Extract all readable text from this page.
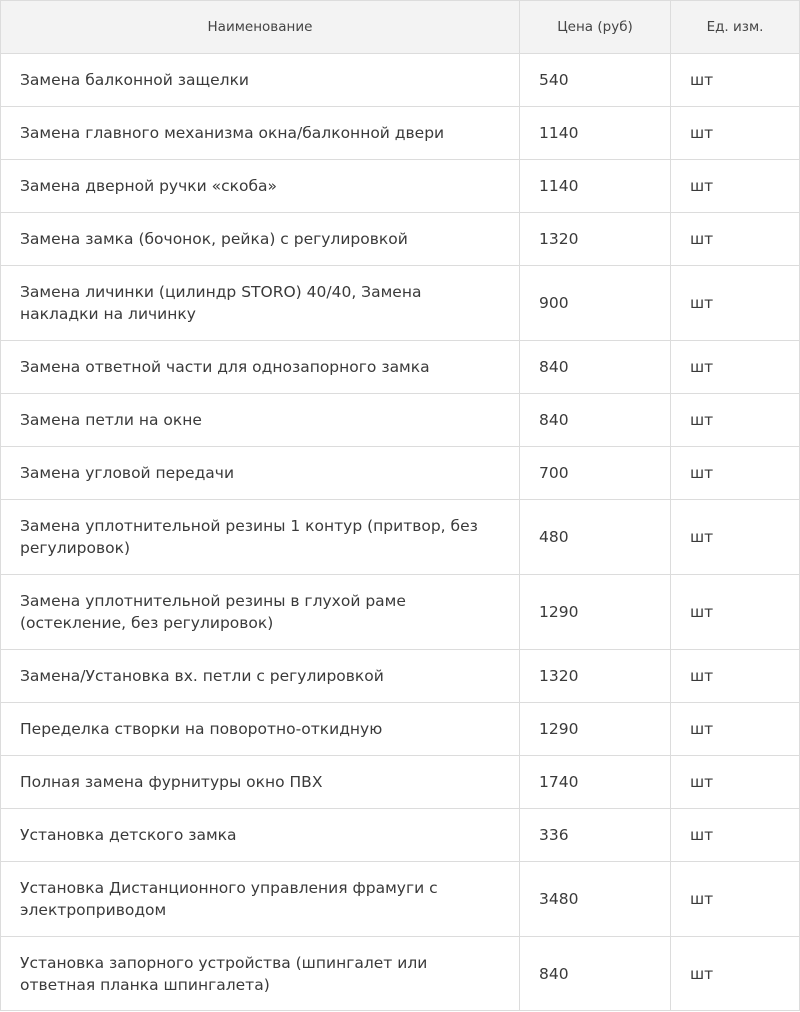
Наименование	Цена (руб)	Ед. изм.
Замена балконной защелки	540	шт
Замена главного механизма окна/балконной двери	1140	шт
Замена дверной ручки «скоба»	1140	шт
Замена замка (бочонок, рейка) с регулировкой	1320	шт
Замена личинки (цилиндр STORO) 40/40, Замена накладки на личинку	900	шт
Замена ответной части для однозапорного замка	840	шт
Замена петли на окне	840	шт
Замена угловой передачи	700	шт
Замена уплотнительной резины 1 контур (притвор, без регулировок)	480	шт
Замена уплотнительной резины в глухой раме (остекление, без регулировок)	1290	шт
Замена/Установка вх. петли с регулировкой	1320	шт
Переделка створки на поворотно-откидную	1290	шт
Полная замена фурнитуры окно ПВХ	1740	шт
Установка детского замка	336	шт
Установка Дистанционного управления фрамуги с электроприводом	3480	шт
Установка запорного устройства (шпингалет или ответная планка шпингалета)	840	шт
